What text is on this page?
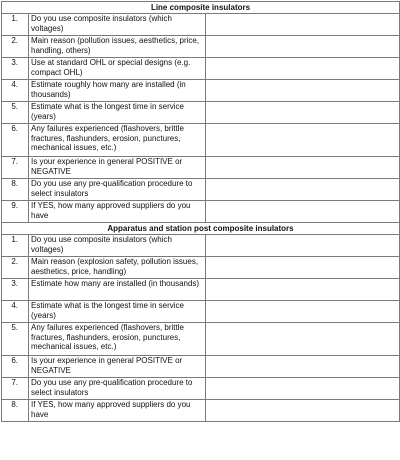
Line composite insulators		
1.	Do you use composite insulators (which voltages)	
2.	Main reason (pollution issues, aesthetics, price, handling, others)	
3.	Use at standard OHL or special designs (e.g. compact OHL)	
4.	Estimate roughly how many are installed (in thousands)	
5.	Estimate what is the longest time in service (years)	
6.	Any failures experienced (flashovers, brittle fractures, flashunders, erosion, punctures, mechanical issues, etc.)	
7.	Is your experience in general POSITIVE or NEGATIVE	
8.	Do you use any pre-qualification procedure to select insulators	
9.	If YES, how many approved suppliers do you have	
Apparatus and station post composite insulators		
1.	Do you use composite insulators (which voltages)	
2.	Main reason (explosion safety, pollution issues, aesthetics, price, handling)	
3.	Estimate how many are installed (in thousands)	
4.	Estimate what is the longest time in service (years)	
5.	Any failures experienced (flashovers, brittle fractures, flashunders, erosion, punctures, mechanical issues, etc.)	
6.	Is your experience in general POSITIVE or NEGATIVE	
7.	Do you use any pre-qualification procedure to select insulators	
8.	If YES, how many approved suppliers do you have	
